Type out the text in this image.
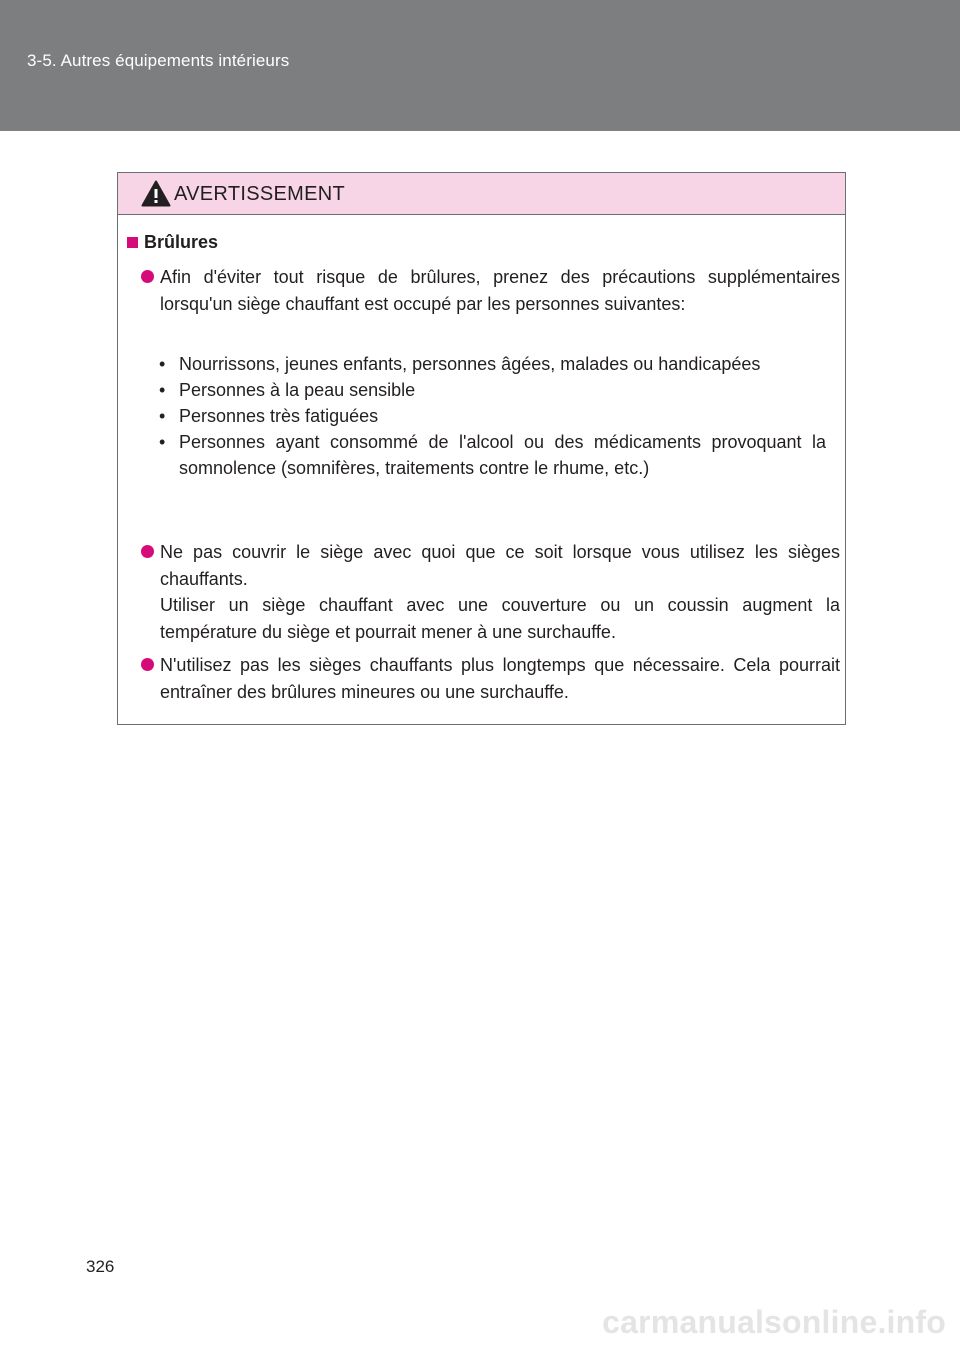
3-5. Autres équipements intérieurs
AVERTISSEMENT
Brûlures
Afin d'éviter tout risque de brûlures, prenez des précautions supplémentaires lorsqu'un siège chauffant est occupé par les personnes suivantes:
• Nourrissons, jeunes enfants, personnes âgées, malades ou handicapées
• Personnes à la peau sensible
• Personnes très fatiguées
• Personnes ayant consommé de l'alcool ou des médicaments provoquant la somnolence (somnifères, traitements contre le rhume, etc.)
Ne pas couvrir le siège avec quoi que ce soit lorsque vous utilisez les sièges chauffants.
Utiliser un siège chauffant avec une couverture ou un coussin augment la température du siège et pourrait mener à une surchauffe.
N'utilisez pas les sièges chauffants plus longtemps que nécessaire. Cela pourrait entraîner des brûlures mineures ou une surchauffe.
326
carmanualsonline.info
